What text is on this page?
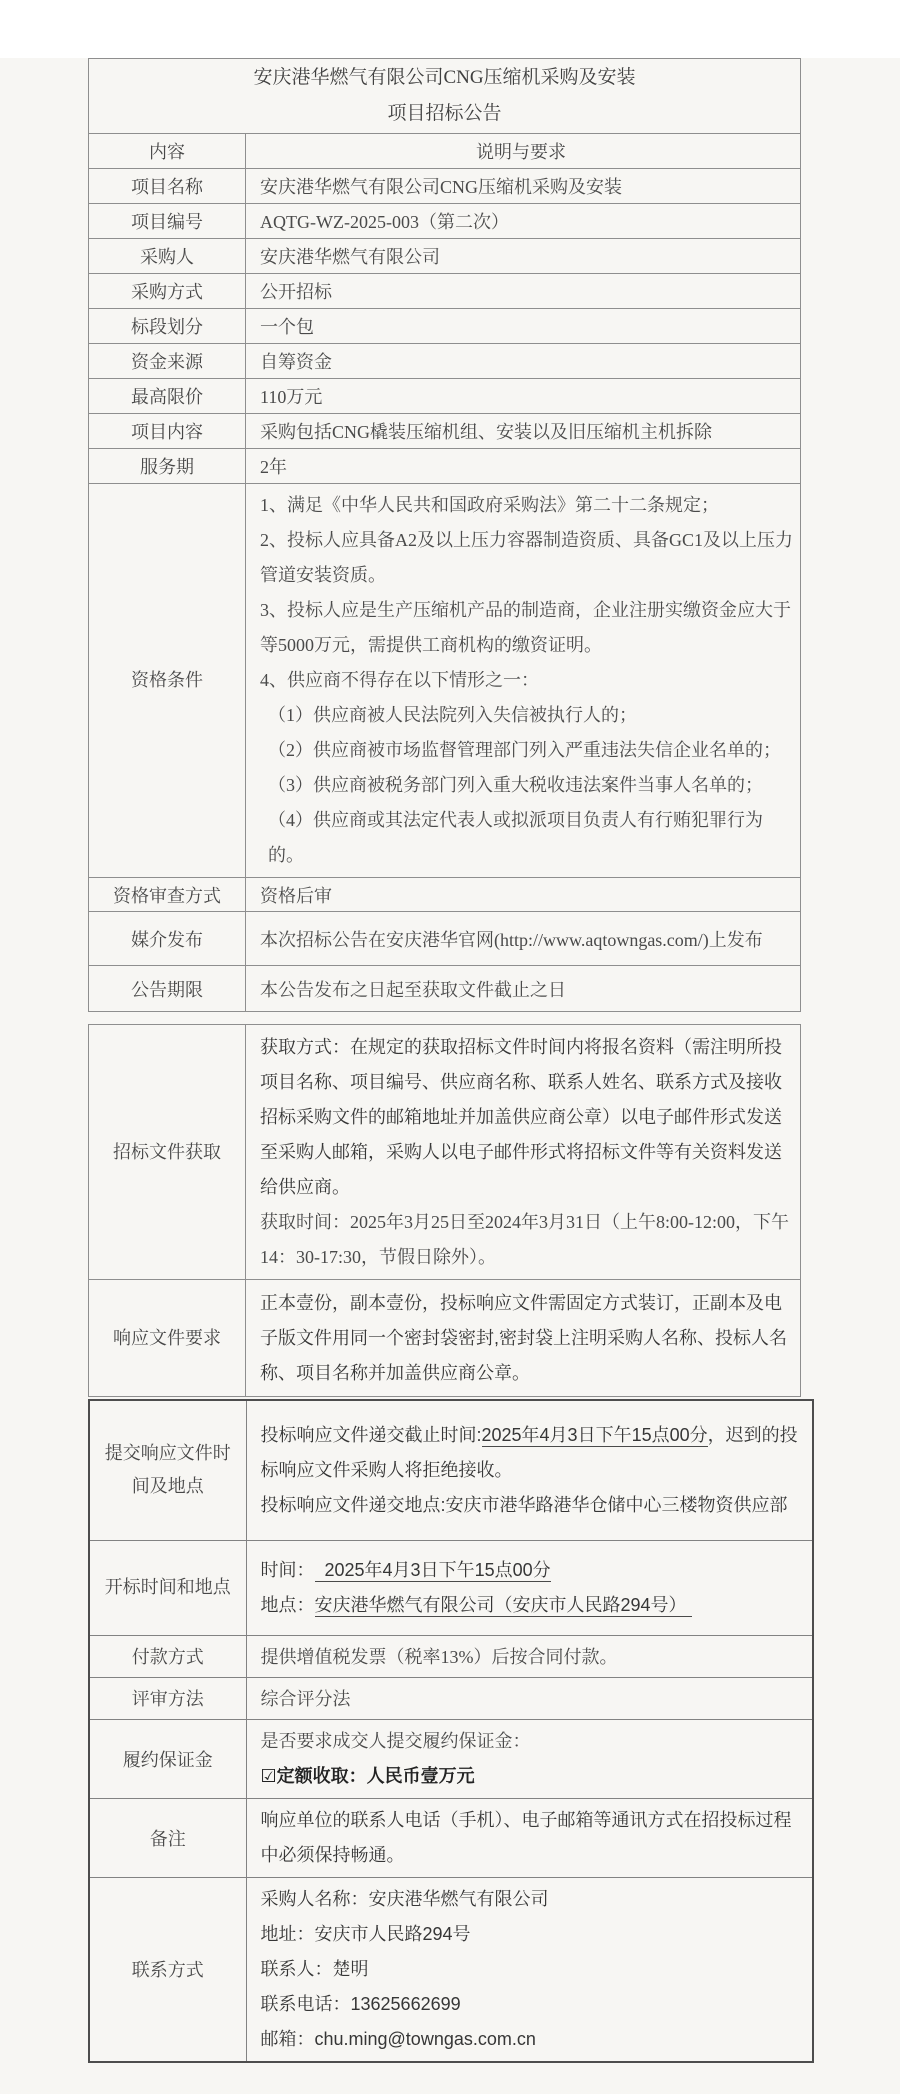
安庆港华燃气有限公司CNG压缩机采购及安装
项目招标公告	

内容	说明与要求
项目名称	安庆港华燃气有限公司CNG压缩机采购及安装
项目编号	AQTG-WZ-2025-003（第二次）
采购人	安庆港华燃气有限公司
采购方式	公开招标
标段划分	一个包
资金来源	自筹资金
最高限价	110万元
项目内容	采购包括CNG橇装压缩机组、安装以及旧压缩机主机拆除
服务期	2年
资格条件	
1、满足《中华人民共和国政府采购法》第二十二条规定；
2、投标人应具备A2及以上压力容器制造资质、具备GC1及以上压力管道安装资质。
3、投标人应是生产压缩机产品的制造商，企业注册实缴资金应大于等5000万元，需提供工商机构的缴资证明。
4、供应商不得存在以下情形之一：
（1）供应商被人民法院列入失信被执行人的；
（2）供应商被市场监督管理部门列入严重违法失信企业名单的；
（3）供应商被税务部门列入重大税收违法案件当事人名单的；
（4）供应商或其法定代表人或拟派项目负责人有行贿犯罪行为的。

资格审查方式	资格后审
媒介发布	本次招标公告在安庆港华官网(http://www.aqtowngas.com/)上发布
公告期限	本公告发布之日起至获取文件截止之日
招标文件获取	获取方式：在规定的获取招标文件时间内将报名资料（需注明所投项目名称、项目编号、供应商名称、联系人姓名、联系方式及接收招标采购文件的邮箱地址并加盖供应商公章）以电子邮件形式发送至采购人邮箱，采购人以电子邮件形式将招标文件等有关资料发送给供应商。
获取时间：2025年3月25日至2024年3月31日（上午8:00-12:00，下午14：30-17:30，节假日除外）。

响应文件要求	正本壹份，副本壹份，投标响应文件需固定方式装订，正副本及电子版文件用同一个密封袋密封,密封袋上注明采购人名称、投标人名称、项目名称并加盖供应商公章。
提交响应文件时间及地点	投标响应文件递交截止时间:2025年4月3日下午15点00分，迟到的投标响应文件采购人将拒绝接收。
投标响应文件递交地点:安庆市港华路港华仓储中心三楼物资供应部

开标时间和地点	时间：  2025年4月3日下午15点00分
地点：安庆港华燃气有限公司（安庆市人民路294号）

付款方式	提供增值税发票（税率13%）后按合同付款。
评审方法	综合评分法
履约保证金	是否要求成交人提交履约保证金：
☑定额收取：人民币壹万元

备注	响应单位的联系人电话（手机）、电子邮箱等通讯方式在招投标过程中必须保持畅通。

联系方式	采购人名称：安庆港华燃气有限公司
地址：安庆市人民路294号
联系人：楚明
联系电话：13625662699
邮箱：chu.ming@towngas.com.cn
